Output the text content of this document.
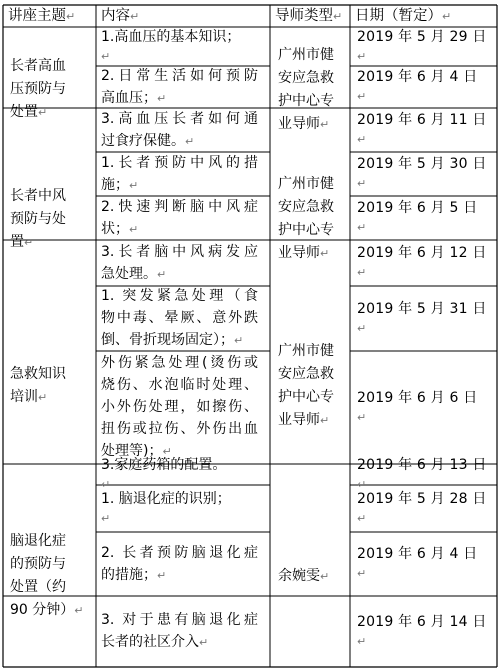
讲座主题↵	内容↵	导师类型↵ 日期（暂定）↵
1.高血压的基本知识；
↵
2019 年 5 月 29 日
↵
2.日常生活如何预防
高血压；↵
2019 年 6 月 4 日
↵
3.高血压长者如何通
过食疗保健。↵
2019 年 6 月 11 日
↵
1.长者预防中风的措
施；↵
2019 年 5 月 30 日
↵
2.快速判断脑中风症
状；↵
2019 年 6 月 5 日
↵
3.长者脑中风病发应
急处理。↵
2019 年 6 月 12 日
↵
1. 突发紧急处理（食
物中毒、晕厥、意外跌
倒、骨折现场固定）；↵
2019 年 5 月 31 日
↵
外伤紧急处理(烫伤或
烧伤、水泡临时处理、
小外伤处理，如擦伤、
扭伤或拉伤、外伤出血
处理等)；↵
2019 年 6 月 6 日
↵
3.家庭药箱的配置。
↵
2019 年 6 月 13 日
↵
1. 脑退化症的识别；
↵
2019 年 5 月 28 日
↵
2. 长者预防脑退化症
的措施；↵
2019 年 6 月 4 日
↵
3. 对于患有脑退化症
长者的社区介入↵
2019 年 6 月 14 日
↵
长者高血
压预防与
处置↵
广州市健
安应急救
护中心专
业导师↵
长者中风
预防与处
置↵
广州市健
安应急救
护中心专
业导师↵
急救知识
培训↵
广州市健
安应急救
护中心专
业导师↵
脑退化症
的预防与
处置（约
90 分钟）↵
余婉雯↵
